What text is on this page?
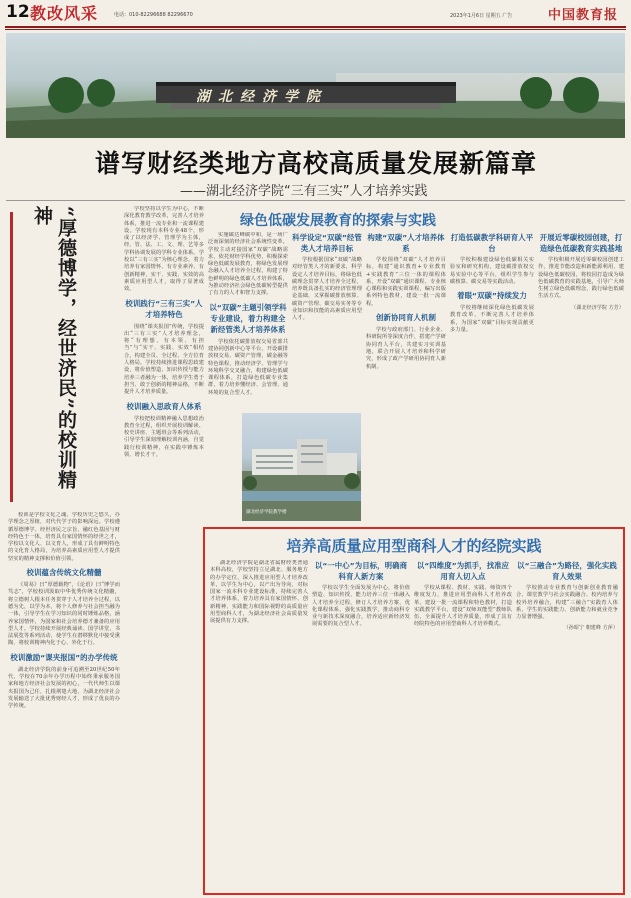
12 教改风采	电话：010-82296688 82296670	2023年1月6日 星期五 广告	中国教育报
湖北经济学院
谱写财经类地方高校高质量发展新篇章
——湖北经济学院“三有三实”人才培养实践
“厚德博学，经世济民”的校训精神

校训是学校文化之魂。学校历史之悠久，办学理念之厚植，对代代学子的影响深远。学校遵循厚德博学、经世济民之宗旨，融红色基因与财经特色于一体，培育具有家国情怀的经世之才，学校以文化人、以文育人，形成了具有鲜明特色的文化育人格局，为培养高素质应用型人才提供坚实的精神支撑和价值引领。

校训蕴含传统文化精髓

《周易》曰“厚德载物”，《论语》曰“博学而笃志”，学校校训汲取中华优秀传统文化精髓，将立德树人根本任务贯穿于人才培养全过程，以德为先，以学为本，将个人修养与社会担当融为一体，引导学生在学习知识的同时锤炼品格，涵养家国情怀，为国家和社会培养德才兼备的应用型人才。学校持续开展经典诵读、国学讲堂、书法展览等系列活动，使学生在潜移默化中接受熏陶，将校训精神内化于心、外化于行。

校训激励“课夹报国”的办学传统

湖北经济学院的前身可追溯至20世纪50年代，学校在70余年办学历程中始终秉承服务国家和地方经济社会发展的初心，一代代师生以课夹报国为己任，扎根荆楚大地，为湖北经济社会发展输送了大批优秀财经人才，形成了优良的办学传统。

学校坚持以学生为中心，不断深化教育教学改革，完善人才培养体系，推进一流专业和一流课程建设。学校现有本科专业48个，形成了以经济学、管理学为主体，经、管、法、工、文、理、艺等多学科协调发展的学科专业体系。学校以“三有三实”为核心理念，着力培养有家国情怀、有专业素养、有创新精神，实干、实践、实效的高素质应用型人才，取得了显著成效。

校训践行“三有三实”人才培养特色

围绕“课夹报国”传统，学校提出“三有三实”人才培养理念，将“有理想、有本领、有担当”与“实干、实践、实效”相结合，构建全员、全过程、全方位育人格局。学校持续推进课程思政建设，将价值塑造、知识传授与能力培养三者融为一体，培养学生勇于担当、敢于创新的精神品格，不断提升人才培养质量。

校训融入思政育人体系

学校把校训精神融入思想政治教育全过程，组织开展校训解读、校史讲座、主题班会等系列活动，引导学生深刻理解校训内涵，自觉践行校训精神，在实践中锤炼本领、增长才干。

绿色低碳发展教育的探索与实践

实施碳达峰碳中和，是一场广泛而深刻的经济社会系统性变革。学校主动对接国家“双碳”战略需求，依托财经学科优势，积极探索绿色低碳发展教育，将绿色发展理念融入人才培养全过程，构建了特色鲜明的绿色低碳人才培养体系，为推动经济社会绿色低碳转型提供了有力的人才和智力支撑。

以“双碳”主题引领学科专业建设，着力构建全新经管类人才培养体系

学校依托碳排放权交易省部共建协同创新中心等平台，开设碳排放权交易、碳资产管理、碳金融等特色课程，推动经济学、管理学与环境科学交叉融合，构建绿色低碳课程体系，打造绿色低碳专业集群，着力培养懂经济、会管理、通环境的复合型人才。

科学设定“双碳”经管类人才培养目标

学校根据国家“双碳”战略对经管类人才的新要求，科学设定人才培养目标，将绿色低碳理念贯穿人才培养全过程，培养既具备扎实的经济管理理论基础，又掌握碳排放核算、碳资产管理、碳交易实务等专业知识和技能的高素质应用型人才。

湖北经济学院教学楼
构建“双碳”人才培养体系

学校围绕“双碳”人才培养目标，构建“通识教育+专业教育+实践教育”三位一体的课程体系，开设“双碳”通识课程、专业核心课程和实践实训课程，编写出版系列特色教材，建设一批一流课程。

创新协同育人机制

学校与政府部门、行业企业、科研院所等深度合作，搭建产学研协同育人平台，共建实习实训基地，联合开展人才培养和科学研究，形成了政产学研用协同育人新机制。

打造低碳教学科研育人平台

学校积极建设绿色低碳相关实验室和研究机构，建设碳排放权交易实验中心等平台，组织学生参与碳核算、碳交易等实践活动。

着眼“双碳”持续发力

学校将继续深化绿色低碳发展教育改革，不断完善人才培养体系，为国家“双碳”目标实现贡献更多力量。

开展近零碳校园创建，打造绿色低碳教育实践基地

学校积极开展近零碳校园创建工作，推进节能改造和新能源利用，建设绿色低碳校园，将校园打造成为绿色低碳教育的实践基地，引导广大师生树立绿色低碳理念，践行绿色低碳生活方式。

（湖北经济学院 方芳）
培养高质量应用型商科人才的经院实践

湖北经济学院是湖北省属财经类普通本科高校，学校坚持立足湖北、服务地方的办学定位，深入推进应用型人才培养改革，以学生为中心，以产出为导向，对标国家一流本科专业建设标准，持续完善人才培养体系，着力培养具有家国情怀、创新精神、实践能力和国际视野的高质量应用型商科人才，为湖北经济社会高质量发展提供有力支撑。

以“一中心”为目标，明确商科育人新方案

学校以学生全面发展为中心，将价值塑造、知识传授、能力培养三位一体融入人才培养全过程，修订人才培养方案，优化课程体系，强化实践教学，推动商科专业与新技术深度融合，培养适应新经济发展需要的复合型人才。

以“四维度”为抓手，找准应用育人切入点

学校从课程、教材、实践、师资四个维度发力，推进应用型商科人才培养改革。建设一批一流课程和特色教材，打造实践教学平台，建设“双师双能型”教师队伍，全面提升人才培养质量，形成了具有经院特色的应用型商科人才培养模式。

以“三融合”为路径，强化实践育人效果

学校推动专业教育与创新创业教育融合、课堂教学与社会实践融合、校内培养与校外培养融合，构建“三融合”实践育人体系，学生的实践能力、创新能力和就业竞争力显著增强。

（孙昭宁 朝建峰 方萍）
